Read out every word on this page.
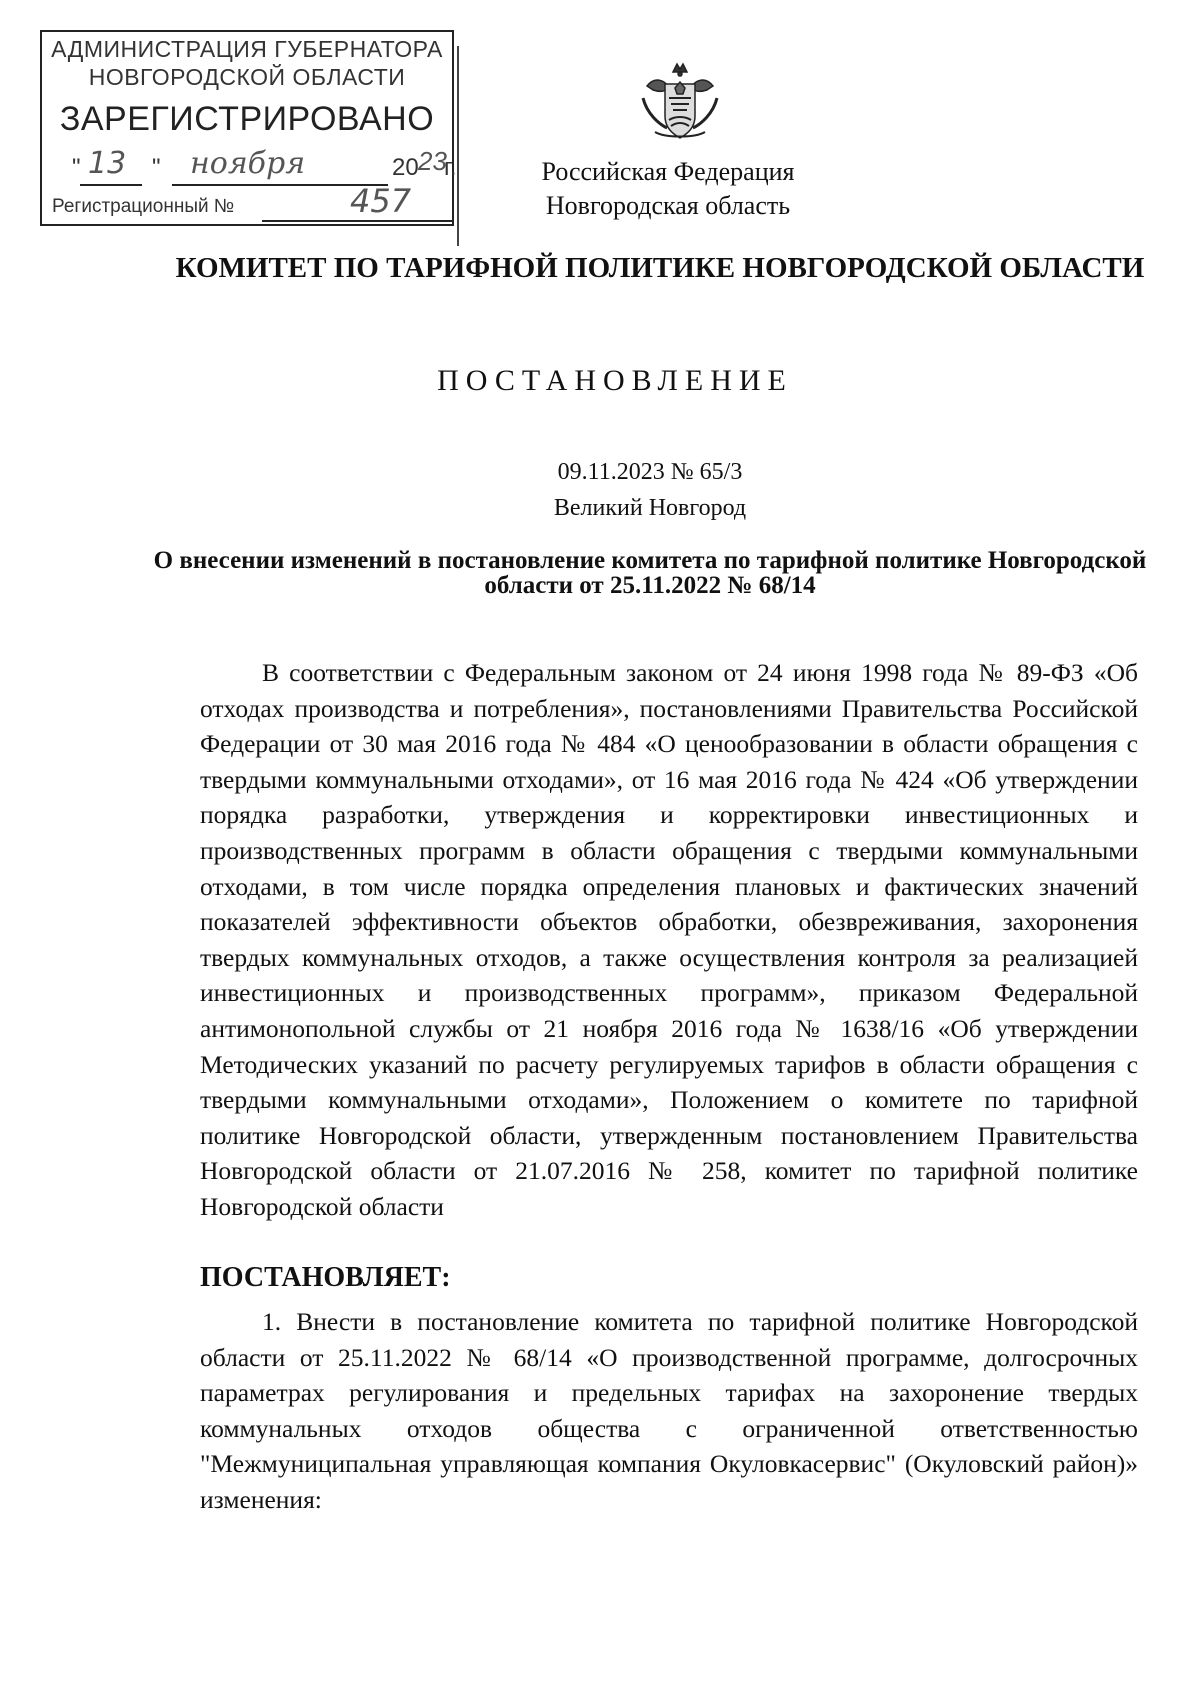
АДМИНИСТРАЦИЯ ГУБЕРНАТОРА
НОВГОРОДСКОЙ ОБЛАСТИ
ЗАРЕГИСТРИРОВАНО
" 13 " ноября	20 23
г.
Регистрационный №	457
Российская Федерация
Новгородская область
КОМИТЕТ ПО ТАРИФНОЙ ПОЛИТИКЕ НОВГОРОДСКОЙ ОБЛАСТИ
ПОСТАНОВЛЕНИЕ
09.11.2023 № 65/3
Великий Новгород
О внесении изменений в постановление комитета по тарифной политике Новгородской области от 25.11.2022 № 68/14

В соответствии с Федеральным законом от 24 июня 1998 года № 89-ФЗ «Об отходах производства и потребления», постановлениями Правительства Российской Федерации от 30 мая 2016 года № 484 «О ценообразовании в области обращения с твердыми коммунальными отходами», от 16 мая 2016 года № 424 «Об утверждении порядка разработки, утверждения и корректировки инвестиционных и производственных программ в области обращения с твердыми коммунальными отходами, в том числе порядка определения плановых и фактических значений показателей эффективности объектов обработки, обезвреживания, захоронения твердых коммунальных отходов, а также осуществления контроля за реализацией инвестиционных и производственных программ», приказом Федеральной антимонопольной службы от 21 ноября 2016 года № 1638/16 «Об утверждении Методических указаний по расчету регулируемых тарифов в области обращения с твердыми коммунальными отходами», Положением о комитете по тарифной политике Новгородской области, утвержденным постановлением Правительства Новгородской области от 21.07.2016 № 258, комитет по тарифной политике Новгородской области

ПОСТАНОВЛЯЕТ:

1. Внести в постановление комитета по тарифной политике Новгородской области от 25.11.2022 № 68/14 «О производственной программе, долгосрочных параметрах регулирования и предельных тарифах на захоронение твердых коммунальных отходов общества с ограниченной ответственностью "Межмуниципальная управляющая компания Окуловкасервис" (Окуловский район)» изменения:
